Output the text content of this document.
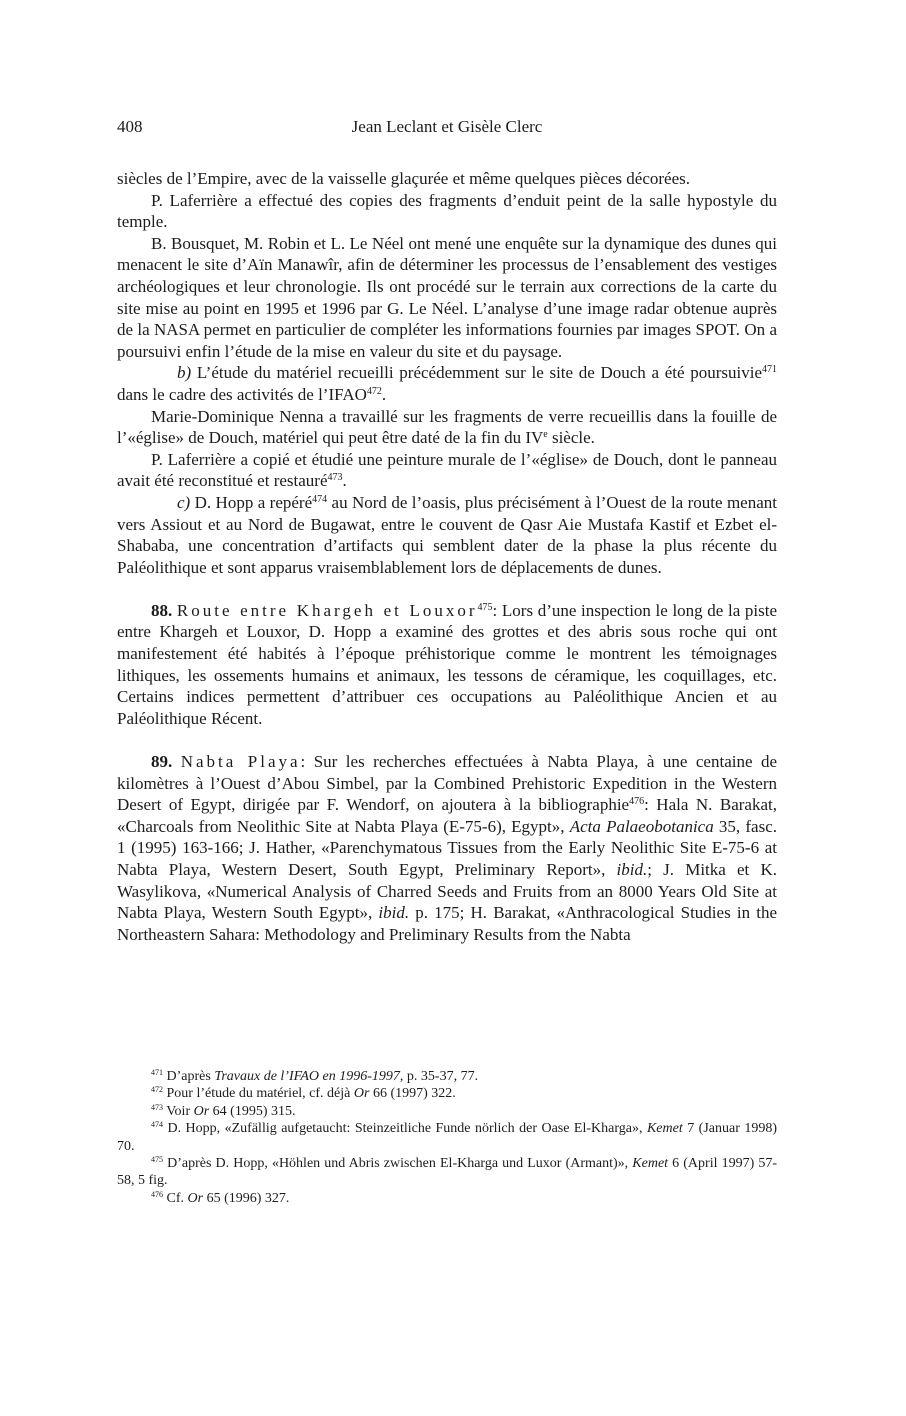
408	Jean Leclant et Gisèle Clerc

siècles de l’Empire, avec de la vaisselle glaçurée et même quelques pièces décorées.

P. Laferrière a effectué des copies des fragments d’enduit peint de la salle hypostyle du temple.

B. Bousquet, M. Robin et L. Le Néel ont mené une enquête sur la dynamique des dunes qui menacent le site d’Aïn Manawîr, afin de déterminer les processus de l’ensablement des vestiges archéologiques et leur chronologie. Ils ont procédé sur le terrain aux corrections de la carte du site mise au point en 1995 et 1996 par G. Le Néel. L’analyse d’une image radar obtenue auprès de la NASA permet en particulier de compléter les informations fournies par images SPOT. On a poursuivi enfin l’étude de la mise en valeur du site et du paysage.

b) L’étude du matériel recueilli précédemment sur le site de Douch a été poursuivie$^{471}$ dans le cadre des activités de l’IFAO$^{472}$.

Marie-Dominique Nenna a travaillé sur les fragments de verre recueillis dans la fouille de l’«église» de Douch, matériel qui peut être daté de la fin du IVe siècle.

P. Laferrière a copié et étudié une peinture murale de l’«église» de Douch, dont le panneau avait été reconstitué et restauré$^{473}$.

c) D. Hopp a repéré$^{474}$ au Nord de l’oasis, plus précisément à l’Ouest de la route menant vers Assiout et au Nord de Bugawat, entre le couvent de Qasr Aie Mustafa Kastif et Ezbet el-Shababa, une concentration d’artifacts qui semblent dater de la phase la plus récente du Paléolithique et sont apparus vraisemblablement lors de déplacements de dunes.

88. Route entre Khargeh et Louxor$^{475}$: Lors d’une inspection le long de la piste entre Khargeh et Louxor, D. Hopp a examiné des grottes et des abris sous roche qui ont manifestement été habités à l’époque préhistorique comme le montrent les témoignages lithiques, les ossements humains et animaux, les tessons de céramique, les coquillages, etc. Certains indices permettent d’attribuer ces occupations au Paléolithique Ancien et au Paléolithique Récent.

89. Nabta Playa: Sur les recherches effectuées à Nabta Playa, à une centaine de kilomètres à l’Ouest d’Abou Simbel, par la Combined Prehistoric Expedition in the Western Desert of Egypt, dirigée par F. Wendorf, on ajoutera à la bibliographie$^{476}$: Hala N. Barakat, «Charcoals from Neolithic Site at Nabta Playa (E-75-6), Egypt», Acta Palaeobotanica 35, fasc. 1 (1995) 163-166; J. Hather, «Parenchymatous Tissues from the Early Neolithic Site E-75-6 at Nabta Playa, Western Desert, South Egypt, Preliminary Report», ibid.; J. Mitka et K. Wasylikova, «Numerical Analysis of Charred Seeds and Fruits from an 8000 Years Old Site at Nabta Playa, Western South Egypt», ibid. p. 175; H. Barakat, «Anthracological Studies in the Northeastern Sahara: Methodology and Preliminary Results from the Nabta

$^{471}$ D’après Travaux de l’IFAO en 1996-1997, p. 35-37, 77.

$^{472}$ Pour l’étude du matériel, cf. déjà Or 66 (1997) 322.

$^{473}$ Voir Or 64 (1995) 315.

$^{474}$ D. Hopp, «Zufällig aufgetaucht: Steinzeitliche Funde nörlich der Oase El-Kharga», Kemet 7 (Januar 1998) 70.

$^{475}$ D’après D. Hopp, «Höhlen und Abris zwischen El-Kharga und Luxor (Armant)», Kemet 6 (April 1997) 57-58, 5 fig.

$^{476}$ Cf. Or 65 (1996) 327.
